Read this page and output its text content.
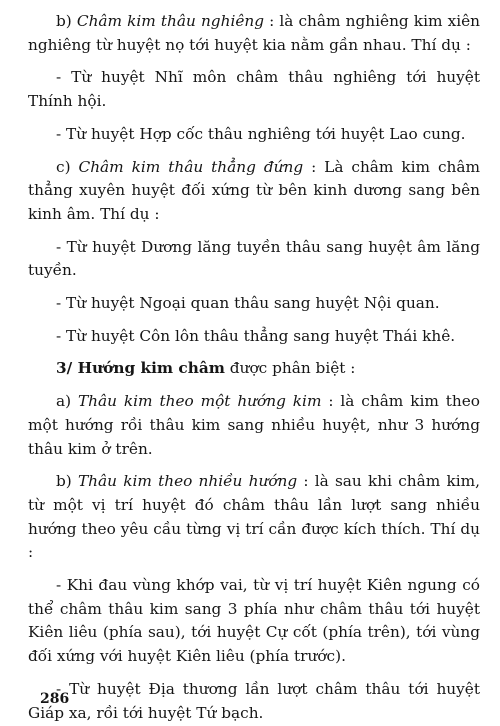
b) Châm kim thâu nghiêng : là châm nghiêng kim xiên nghiêng từ huyệt nọ tới huyệt kia nằm gần nhau. Thí dụ :

- Từ huyệt Nhĩ môn châm thâu nghiêng tới huyệt Thính hội.

- Từ huyệt Hợp cốc thâu nghiêng tới huyệt Lao cung.

c) Châm kim thâu thẳng đứng : Là châm kim châm thẳng xuyên huyệt đối xứng từ bên kinh dương sang bên kinh âm. Thí dụ :

- Từ huyệt Dương lăng tuyền thâu sang huyệt âm lăng tuyền.

- Từ huyệt Ngoại quan thâu sang huyệt Nội quan.

- Từ huyệt Côn lôn thâu thẳng sang huyệt Thái khê.

3/ Hướng kim châm được phân biệt :

a) Thâu kim theo một hướng kim : là châm kim theo một hướng rồi thâu kim sang nhiều huyệt, như 3 hướng thâu kim ở trên.

b) Thâu kim theo nhiều hướng : là sau khi châm kim, từ một vị trí huyệt đó châm thâu lần lượt sang nhiều hướng theo yêu cầu từng vị trí cần được kích thích. Thí dụ :

- Khi đau vùng khớp vai, từ vị trí huyệt Kiên ngung có thể châm thâu kim sang 3 phía như châm thâu tới huyệt Kiên liêu (phía sau), tới huyệt Cự cốt (phía trên), tới vùng đối xứng với huyệt Kiên liêu (phía trước).

- Từ huyệt Địa thương lần lượt châm thâu tới huyệt Giáp xa, rồi tới huyệt Tứ bạch.

286
